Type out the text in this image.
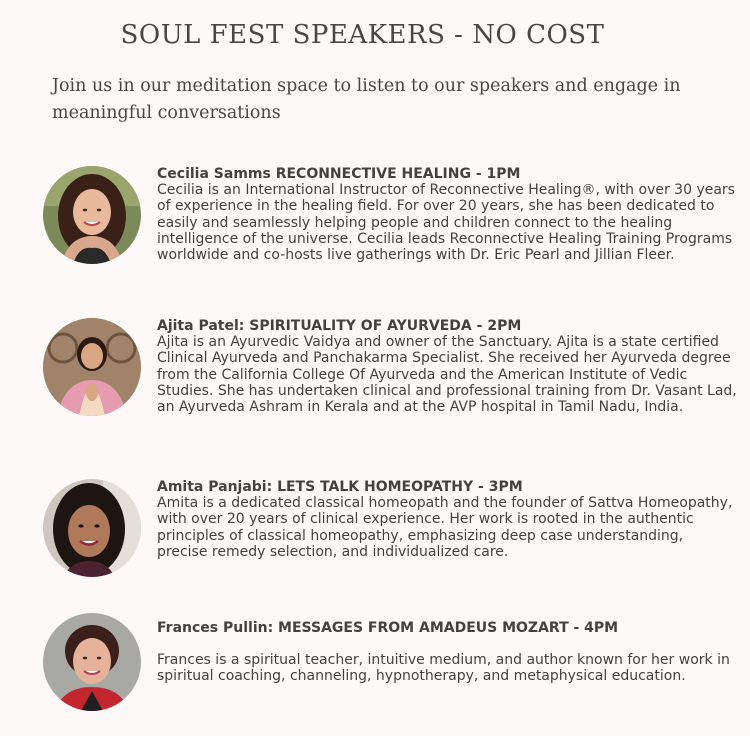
SOUL FEST SPEAKERS - NO COST

Join us in our meditation space to listen to our speakers and engage in meaningful conversations

Cecilia Samms RECONNECTIVE HEALING - 1PM
Cecilia is an International Instructor of Reconnective Healing®, with over 30 years of experience in the healing field. For over 20 years, she has been dedicated to easily and seamlessly helping people and children connect to the healing intelligence of the universe. Cecilia leads Reconnective Healing Training Programs worldwide and co-hosts live gatherings with Dr. Eric Pearl and Jillian Fleer.
Ajita Patel: SPIRITUALITY OF AYURVEDA - 2PM
Ajita is an Ayurvedic Vaidya and owner of the Sanctuary. Ajita is a state certified Clinical Ayurveda and Panchakarma Specialist. She received her Ayurveda degree from the California College Of Ayurveda and the American Institute of Vedic Studies. She has undertaken clinical and professional training from Dr. Vasant Lad, an Ayurveda Ashram in Kerala and at the AVP hospital in Tamil Nadu, India.
Amita Panjabi: LETS TALK HOMEOPATHY - 3PM
Amita is a dedicated classical homeopath and the founder of Sattva Homeopathy, with over 20 years of clinical experience. Her work is rooted in the authentic principles of classical homeopathy, emphasizing deep case understanding, precise remedy selection, and individualized care.
Frances Pullin: MESSAGES FROM AMADEUS MOZART - 4PM
Frances is a spiritual teacher, intuitive medium, and author known for her work in spiritual coaching, channeling, hypnotherapy, and metaphysical education.
